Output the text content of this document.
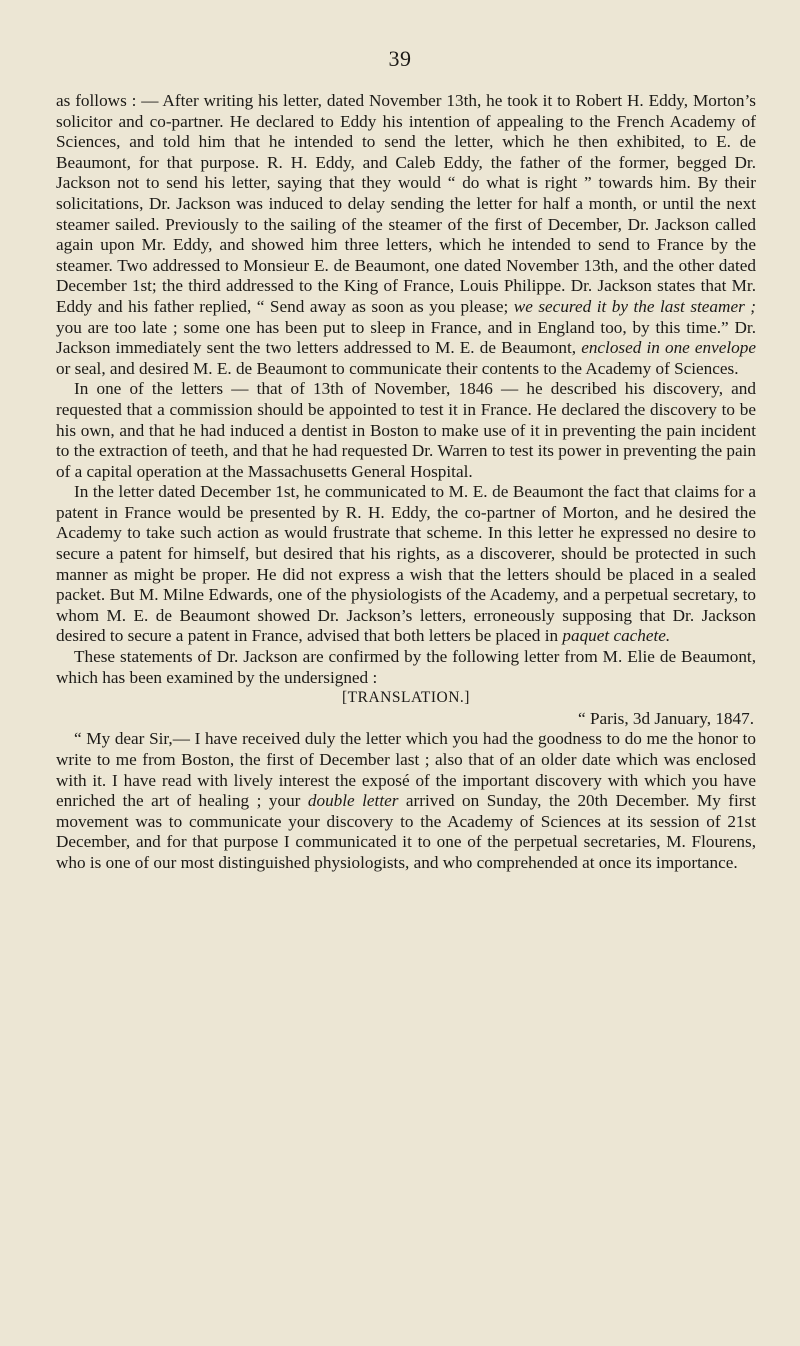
39

as follows : — After writing his letter, dated November 13th, he took it to Robert H. Eddy, Morton’s solicitor and co-partner. He declared to Eddy his intention of appealing to the French Academy of Sciences, and told him that he intended to send the letter, which he then exhibited, to E. de Beaumont, for that purpose. R. H. Eddy, and Caleb Eddy, the father of the former, begged Dr. Jackson not to send his letter, saying that they would “ do what is right ” towards him. By their solicitations, Dr. Jackson was induced to delay sending the letter for half a month, or until the next steamer sailed. Previously to the sailing of the steamer of the first of December, Dr. Jackson called again upon Mr. Eddy, and showed him three letters, which he intended to send to France by the steamer. Two addressed to Monsieur E. de Beaumont, one dated November 13th, and the other dated December 1st; the third addressed to the King of France, Louis Philippe. Dr. Jackson states that Mr. Eddy and his father replied, “ Send away as soon as you please; we secured it by the last steamer ; you are too late ; some one has been put to sleep in France, and in England too, by this time.” Dr. Jackson immediately sent the two letters addressed to M. E. de Beaumont, enclosed in one envelope or seal, and desired M. E. de Beaumont to communicate their contents to the Academy of Sciences.

In one of the letters — that of 13th of November, 1846 — he described his discovery, and requested that a commission should be appointed to test it in France. He declared the discovery to be his own, and that he had induced a dentist in Boston to make use of it in preventing the pain incident to the extraction of teeth, and that he had requested Dr. Warren to test its power in preventing the pain of a capital operation at the Massachusetts General Hospital.

In the letter dated December 1st, he communicated to M. E. de Beaumont the fact that claims for a patent in France would be presented by R. H. Eddy, the co-partner of Morton, and he desired the Academy to take such action as would frustrate that scheme. In this letter he expressed no desire to secure a patent for himself, but desired that his rights, as a discoverer, should be protected in such manner as might be proper. He did not express a wish that the letters should be placed in a sealed packet. But M. Milne Edwards, one of the physiologists of the Academy, and a perpetual secretary, to whom M. E. de Beaumont showed Dr. Jackson’s letters, erroneously supposing that Dr. Jackson desired to secure a patent in France, advised that both letters be placed in paquet cachete.

These statements of Dr. Jackson are confirmed by the following letter from M. Elie de Beaumont, which has been examined by the undersigned :

[TRANSLATION.]

“ Paris, 3d January, 1847.

“ My dear Sir,— I have received duly the letter which you had the goodness to do me the honor to write to me from Boston, the first of December last ; also that of an older date which was enclosed with it. I have read with lively interest the exposé of the important discovery with which you have enriched the art of healing ; your double letter arrived on Sunday, the 20th December. My first movement was to communicate your discovery to the Academy of Sciences at its session of 21st December, and for that purpose I communicated it to one of the perpetual secretaries, M. Flourens, who is one of our most distinguished physiologists, and who comprehended at once its importance.
